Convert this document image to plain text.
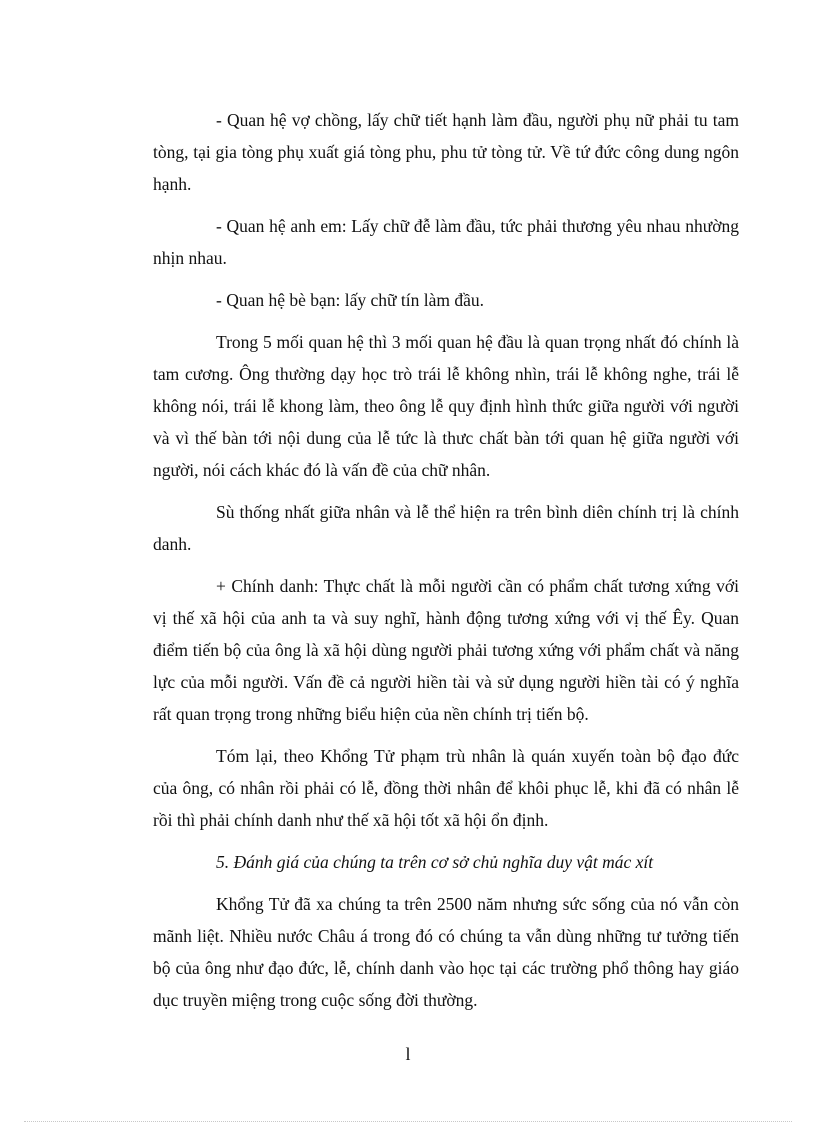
- Quan hệ vợ chồng, lấy chữ tiết hạnh làm đầu, người phụ nữ phải tu tam tòng, tại gia tòng phụ xuất giá tòng phu, phu tử tòng tử. Về tứ đức công dung ngôn hạnh.

- Quan hệ anh em: Lấy chữ đễ làm đầu, tức phải thương yêu nhau nhường nhịn nhau.

- Quan hệ bè bạn: lấy chữ tín làm đầu.

Trong 5 mối quan hệ thì 3 mối quan hệ đầu là quan trọng nhất đó chính là tam cương. Ông thường dạy học trò trái lễ không nhìn, trái lễ không nghe, trái lễ không nói, trái lễ khong làm, theo ông lễ quy định hình thức giữa người với người và vì thế bàn tới nội dung của lễ tức là thưc chất bàn tới quan hệ giữa người với người, nói cách khác đó là vấn đề của chữ nhân.

Sù thống nhất giữa nhân và lễ thể hiện ra trên bình diên chính trị là chính danh.

+ Chính danh: Thực chất là mỗi người cần có phẩm chất tương xứng với vị thế xã hội của anh ta và suy nghĩ, hành động tương xứng với vị thế Êy. Quan điểm tiến bộ của ông là xã hội dùng người phải tương xứng với phẩm chất và năng lực của mỗi người. Vấn đề cả người hiền tài và sử dụng người hiền tài có ý nghĩa rất quan trọng trong những biểu hiện của nền chính trị tiến bộ.

Tóm lại, theo Khổng Tử phạm trù nhân là quán xuyến toàn bộ đạo đức của ông, có nhân rồi phải có lễ, đồng thời nhân để khôi phục lễ, khi đã có nhân lễ rồi thì phải chính danh như thế xã hội tốt xã hội ổn định.

5. Đánh giá của chúng ta trên cơ sở chủ nghĩa duy vật mác xít

Khổng Tử đã xa chúng ta trên 2500 năm nhưng sức sống của nó vẫn còn mãnh liệt. Nhiều nước Châu á trong đó có chúng ta vẫn dùng những tư tưởng tiến bộ của ông như đạo đức, lễ, chính danh vào học tại các trường phổ thông hay giáo dục truyền miệng trong cuộc sống đời thường.

l
